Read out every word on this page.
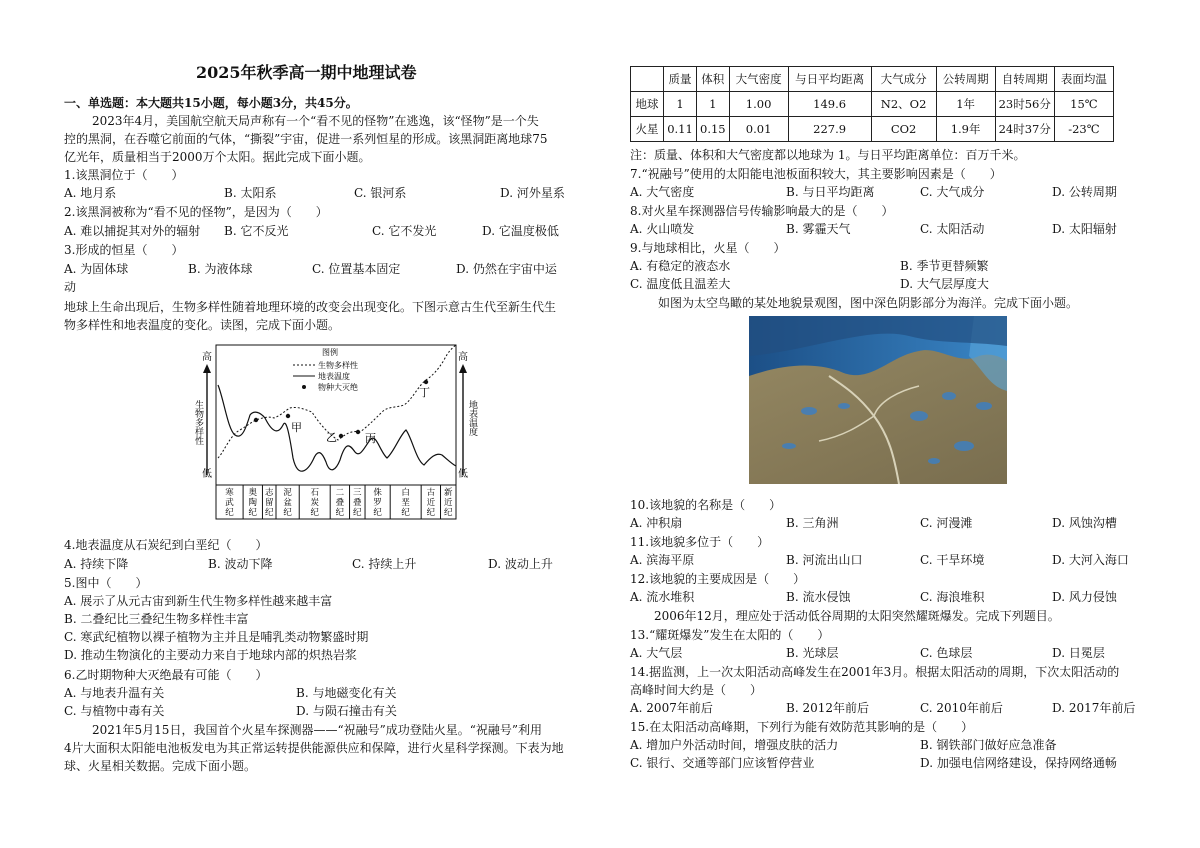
2025年秋季高一期中地理试卷
一、单选题：本大题共15小题，每小题3分，共45分。
2023年4月，美国航空航天局声称有一个“看不见的怪物”在逃逸，该“怪物”是一个失
控的黑洞，在吞噬它前面的气体，“撕裂”宇宙，促进一系列恒星的形成。该黑洞距离地球75
亿光年，质量相当于2000万个太阳。据此完成下面小题。
1.该黑洞位于（　　）
A. 地月系	B. 太阳系	C. 银河系	D. 河外星系
2.该黑洞被称为“看不见的怪物”，是因为（　　）
A. 难以捕捉其对外的辐射 B. 它不反光	C. 它不发光	D. 它温度极低
3.形成的恒星（　　）
A. 为固体球	B. 为液体球	C. 位置基本固定	D. 仍然在宇宙中运
动
地球上生命出现后，生物多样性随着地理环境的改变会出现变化。下图示意古生代至新生代生
物多样性和地表温度的变化。读图，完成下面小题。
高
低
高
低
生物多样性	地表温度
图例
生物多样性
地表温度
物种大灭绝
甲
乙	丙
丁
寒
武
纪
奥
陶
纪
志
留
纪
泥
盆
纪
石
炭
纪
二
叠
纪
三
叠
纪
侏
罗
纪
白
垩
纪
古
近
纪
新
近
纪
4.地表温度从石炭纪到白垩纪（　　）
A. 持续下降	B. 波动下降	C. 持续上升	D. 波动上升
5.图中（　　）
A. 展示了从元古宙到新生代生物多样性越来越丰富
B. 二叠纪比三叠纪生物多样性丰富
C. 寒武纪植物以裸子植物为主并且是哺乳类动物繁盛时期
D. 推动生物演化的主要动力来自于地球内部的炽热岩浆
6.乙时期物种大灭绝最有可能（　　）
A. 与地表升温有关	B. 与地磁变化有关
C. 与植物中毒有关	D. 与陨石撞击有关
2021年5月15日，我国首个火星车探测器——“祝融号”成功登陆火星。“祝融号”利用
4片大面积太阳能电池板发电为其正常运转提供能源供应和保障，进行火星科学探测。下表为地
球、火星相关数据。完成下面小题。
	质量	体积	大气密度	与日平均距离	大气成分	公转周期	自转周期	表面均温
地球	1	1	1.00	149.6	N2、O2	1年	23时56分	15℃
火星	0.11	0.15	0.01	227.9	CO2	1.9年	24时37分	-23℃
注：质量、体积和大气密度都以地球为 1。与日平均距离单位：百万千米。
7.“祝融号”使用的太阳能电池板面积较大，其主要影响因素是（　　）
A. 大气密度	B. 与日平均距离	C. 大气成分	D. 公转周期
8.对火星车探测器信号传输影响最大的是（　　）
A. 火山喷发	B. 雾霾天气	C. 太阳活动	D. 太阳辐射
9.与地球相比，火星（　　）
A. 有稳定的液态水	B. 季节更替频繁
C. 温度低且温差大	D. 大气层厚度大
如图为太空鸟瞰的某处地貌景观图，图中深色阴影部分为海洋。完成下面小题。
10.该地貌的名称是（　　）
A. 冲积扇	B. 三角洲	C. 河漫滩	D. 风蚀沟槽
11.该地貌多位于（　　）
A. 滨海平原	B. 河流出山口	C. 干旱环境	D. 大河入海口
12.该地貌的主要成因是（　　）
A. 流水堆积	B. 流水侵蚀	C. 海浪堆积	D. 风力侵蚀
2006年12月，理应处于活动低谷周期的太阳突然耀斑爆发。完成下列题目。
13.“耀斑爆发”发生在太阳的（　　）
A. 大气层	B. 光球层	C. 色球层	D. 日冕层
14.据监测，上一次太阳活动高峰发生在2001年3月。根据太阳活动的周期，下次太阳活动的
高峰时间大约是（　　）
A. 2007年前后	B. 2012年前后	C. 2010年前后	D. 2017年前后
15.在太阳活动高峰期，下列行为能有效防范其影响的是（　　）
A. 增加户外活动时间，增强皮肤的活力	B. 钢铁部门做好应急准备
C. 银行、交通等部门应该暂停营业	D. 加强电信网络建设，保持网络通畅
